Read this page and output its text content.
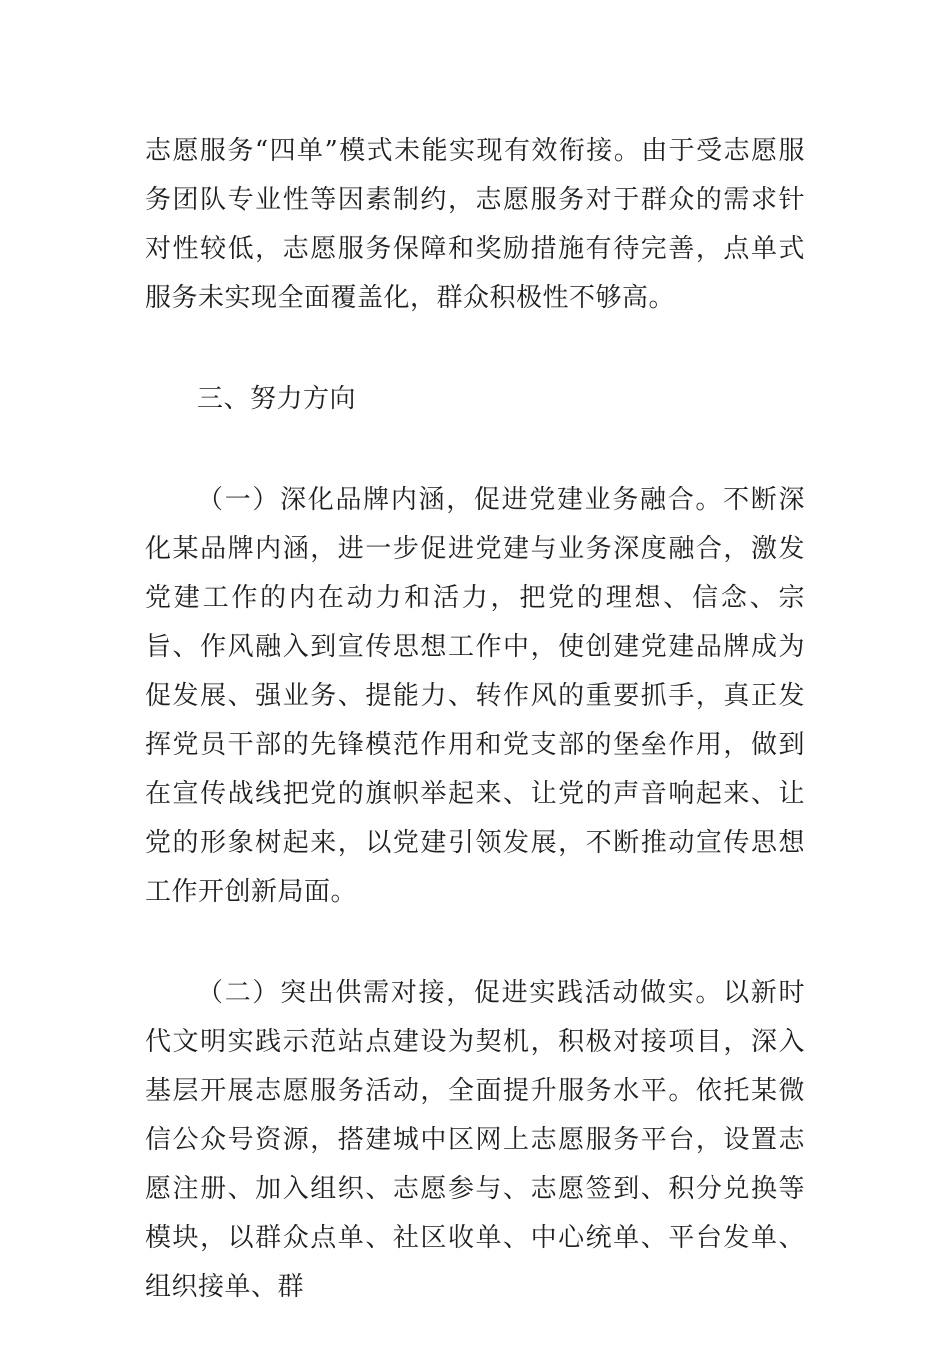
志愿服务“四单”模式未能实现有效衔接。由于受志愿服务团队专业性等因素制约，志愿服务对于群众的需求针对性较低，志愿服务保障和奖励措施有待完善，点单式服务未实现全面覆盖化，群众积极性不够高。

三、努力方向

（一）深化品牌内涵，促进党建业务融合。不断深化某品牌内涵，进一步促进党建与业务深度融合，激发党建工作的内在动力和活力，把党的理想、信念、宗旨、作风融入到宣传思想工作中，使创建党建品牌成为促发展、强业务、提能力、转作风的重要抓手，真正发挥党员干部的先锋模范作用和党支部的堡垒作用，做到在宣传战线把党的旗帜举起来、让党的声音响起来、让党的形象树起来，以党建引领发展，不断推动宣传思想工作开创新局面。

（二）突出供需对接，促进实践活动做实。以新时代文明实践示范站点建设为契机，积极对接项目，深入基层开展志愿服务活动，全面提升服务水平。依托某微信公众号资源，搭建城中区网上志愿服务平台，设置志愿注册、加入组织、志愿参与、志愿签到、积分兑换等模块，以群众点单、社区收单、中心统单、平台发单、组织接单、群
